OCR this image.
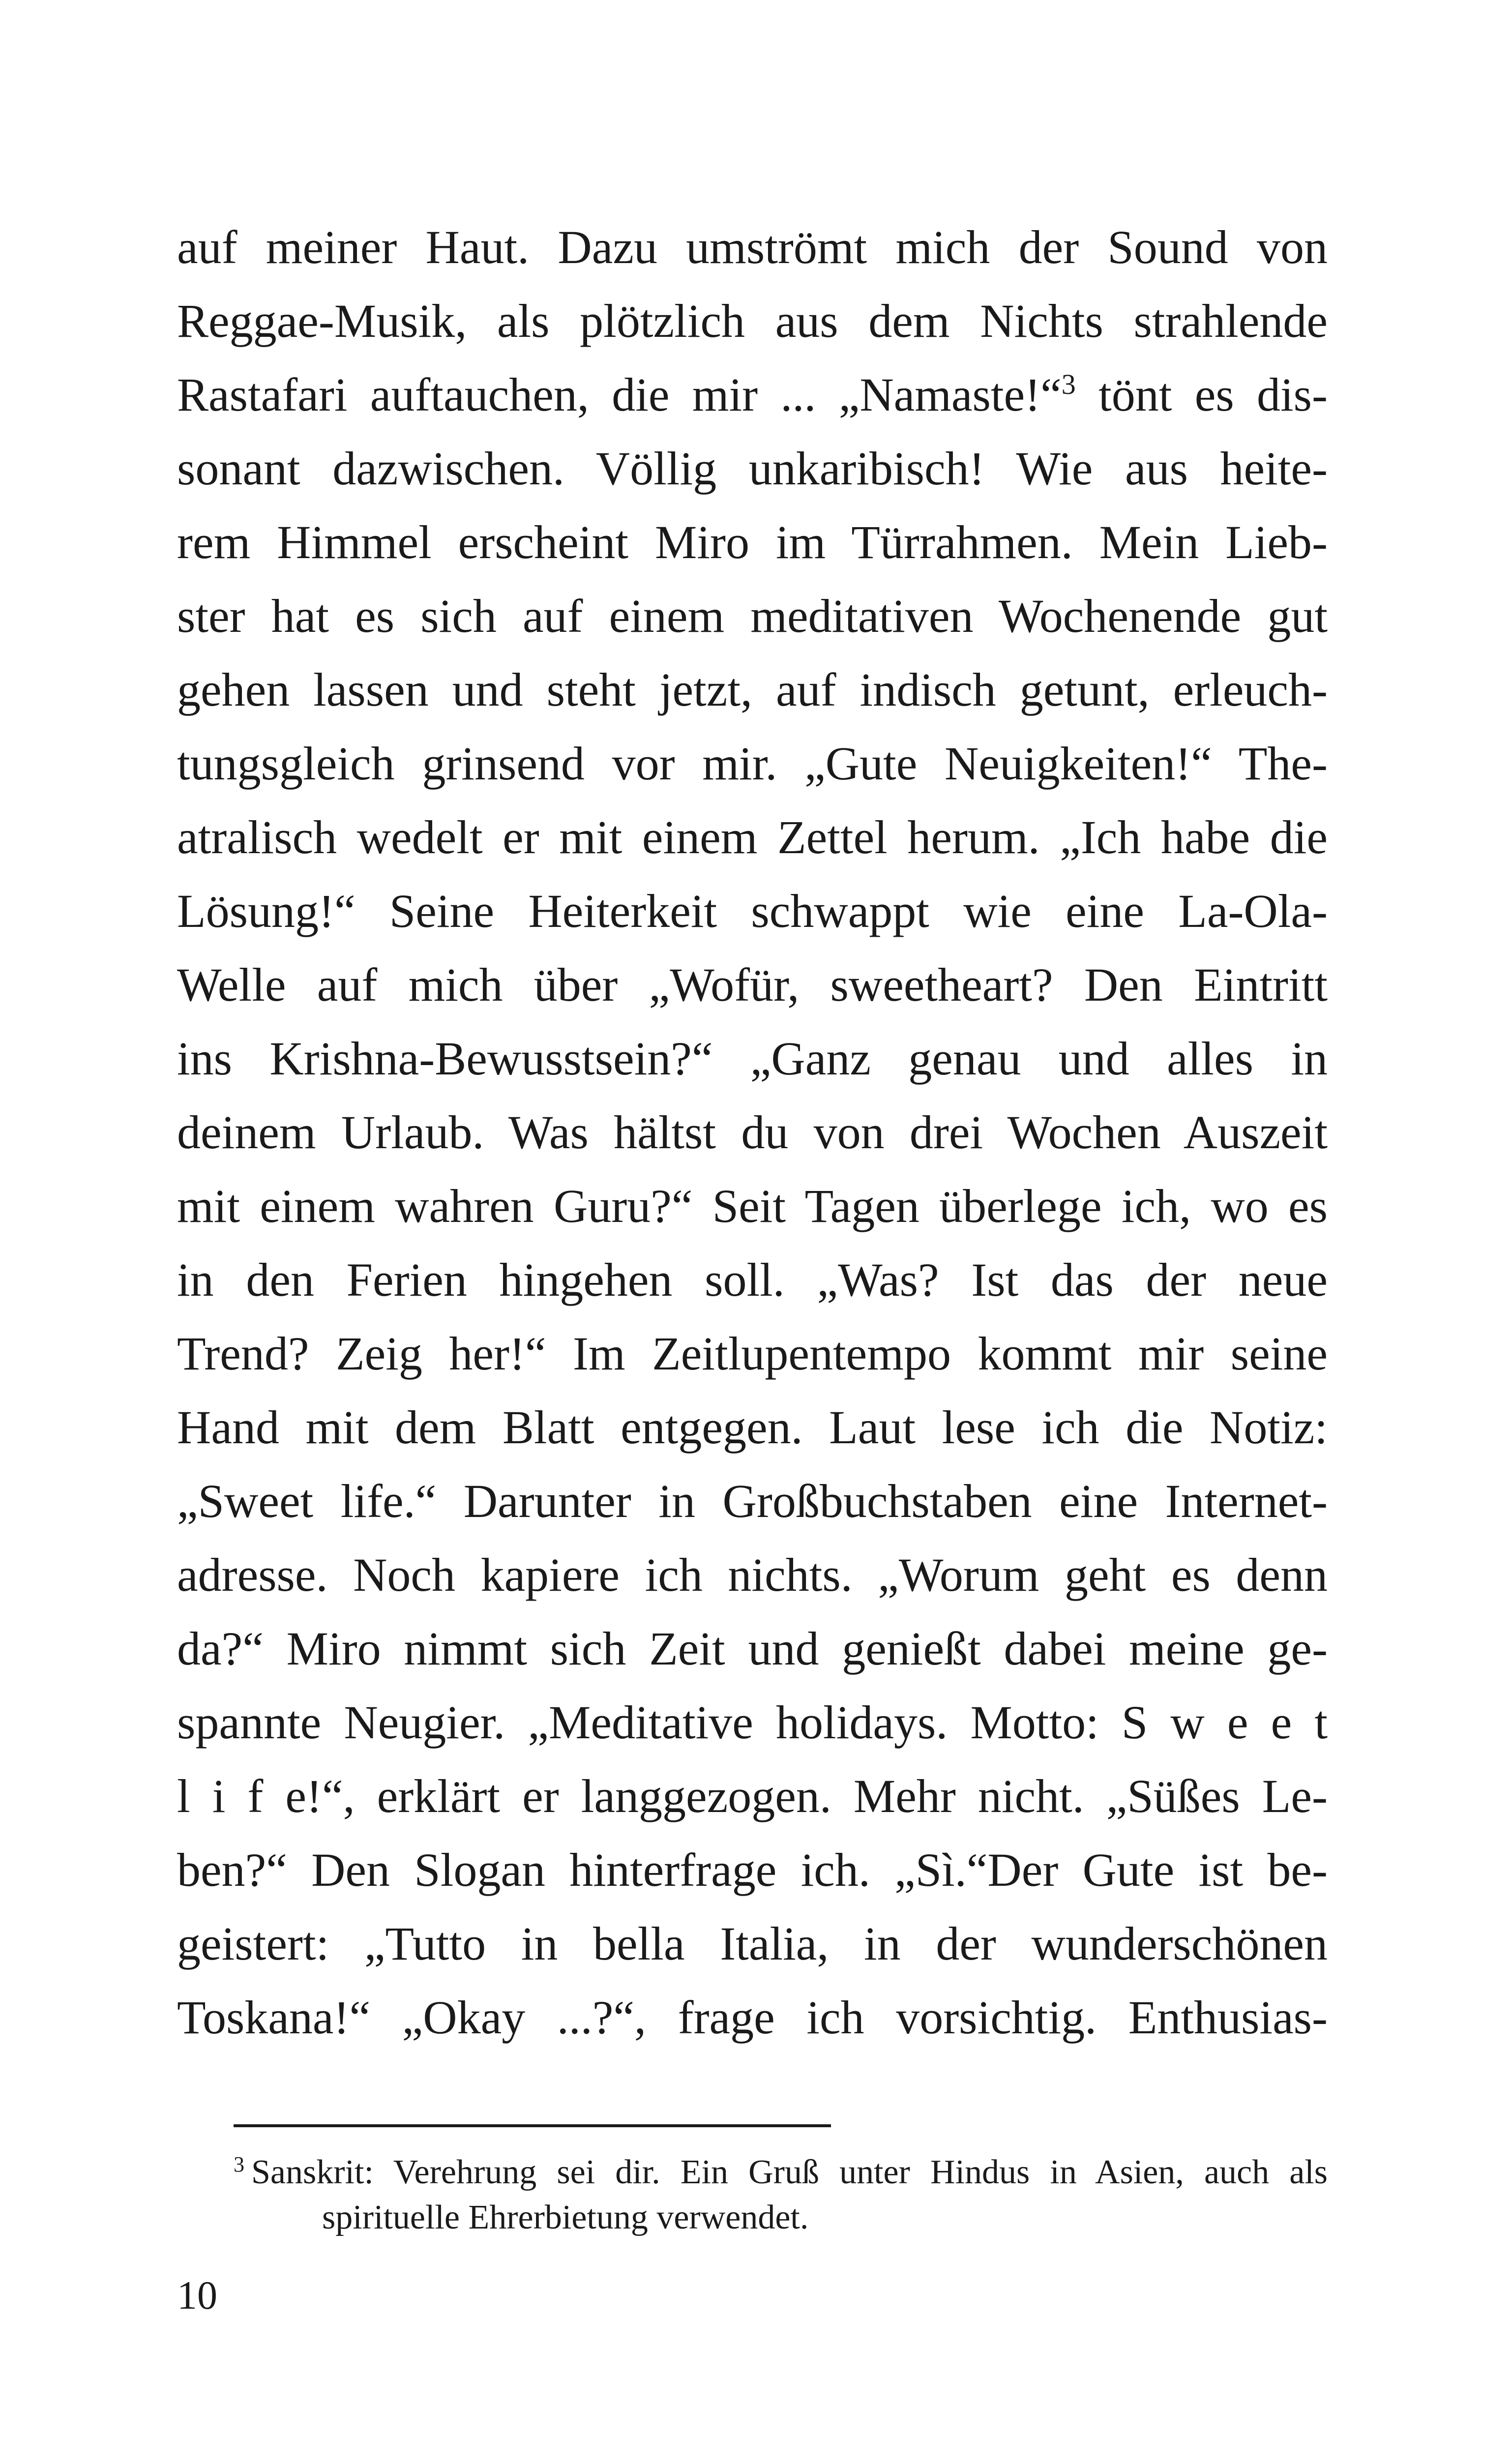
auf meiner Haut. Dazu umströmt mich der Sound von
Reggae-Musik, als plötzlich aus dem Nichts strahlende
Rastafari auftauchen, die mir ... „Namaste!“$^3$ tönt es dis-
sonant dazwischen. Völlig unkaribisch! Wie aus heite-
rem Himmel erscheint Miro im Türrahmen. Mein Lieb-
ster hat es sich auf einem meditativen Wochenende gut
gehen lassen und steht jetzt, auf indisch getunt, erleuch-
tungsgleich grinsend vor mir. „Gute Neuigkeiten!“ The-
atralisch wedelt er mit einem Zettel herum. „Ich habe die
Lösung!“ Seine Heiterkeit schwappt wie eine La-Ola-
Welle auf mich über „Wofür, sweetheart? Den Eintritt
ins Krishna-Bewusstsein?“ „Ganz genau und alles in
deinem Urlaub. Was hältst du von drei Wochen Auszeit
mit einem wahren Guru?“ Seit Tagen überlege ich, wo es
in den Ferien hingehen soll. „Was? Ist das der neue
Trend? Zeig her!“ Im Zeitlupentempo kommt mir seine
Hand mit dem Blatt entgegen. Laut lese ich die Notiz:
„Sweet life.“ Darunter in Großbuchstaben eine Internet-
adresse. Noch kapiere ich nichts. „Worum geht es denn
da?“ Miro nimmt sich Zeit und genießt dabei meine ge-
spannte Neugier. „Meditative holidays. Motto: S w e e t
l i f e!“, erklärt er langgezogen. Mehr nicht. „Süßes Le-
ben?“ Den Slogan hinterfrage ich. „Sì.“Der Gute ist be-
geistert: „Tutto in bella Italia, in der wunderschönen
Toskana!“ „Okay ...?“, frage ich vorsichtig. Enthusias-
$^3$ Sanskrit: Verehrung sei dir. Ein Gruß unter Hindus in Asien, auch als
spirituelle Ehrerbietung verwendet.
10
